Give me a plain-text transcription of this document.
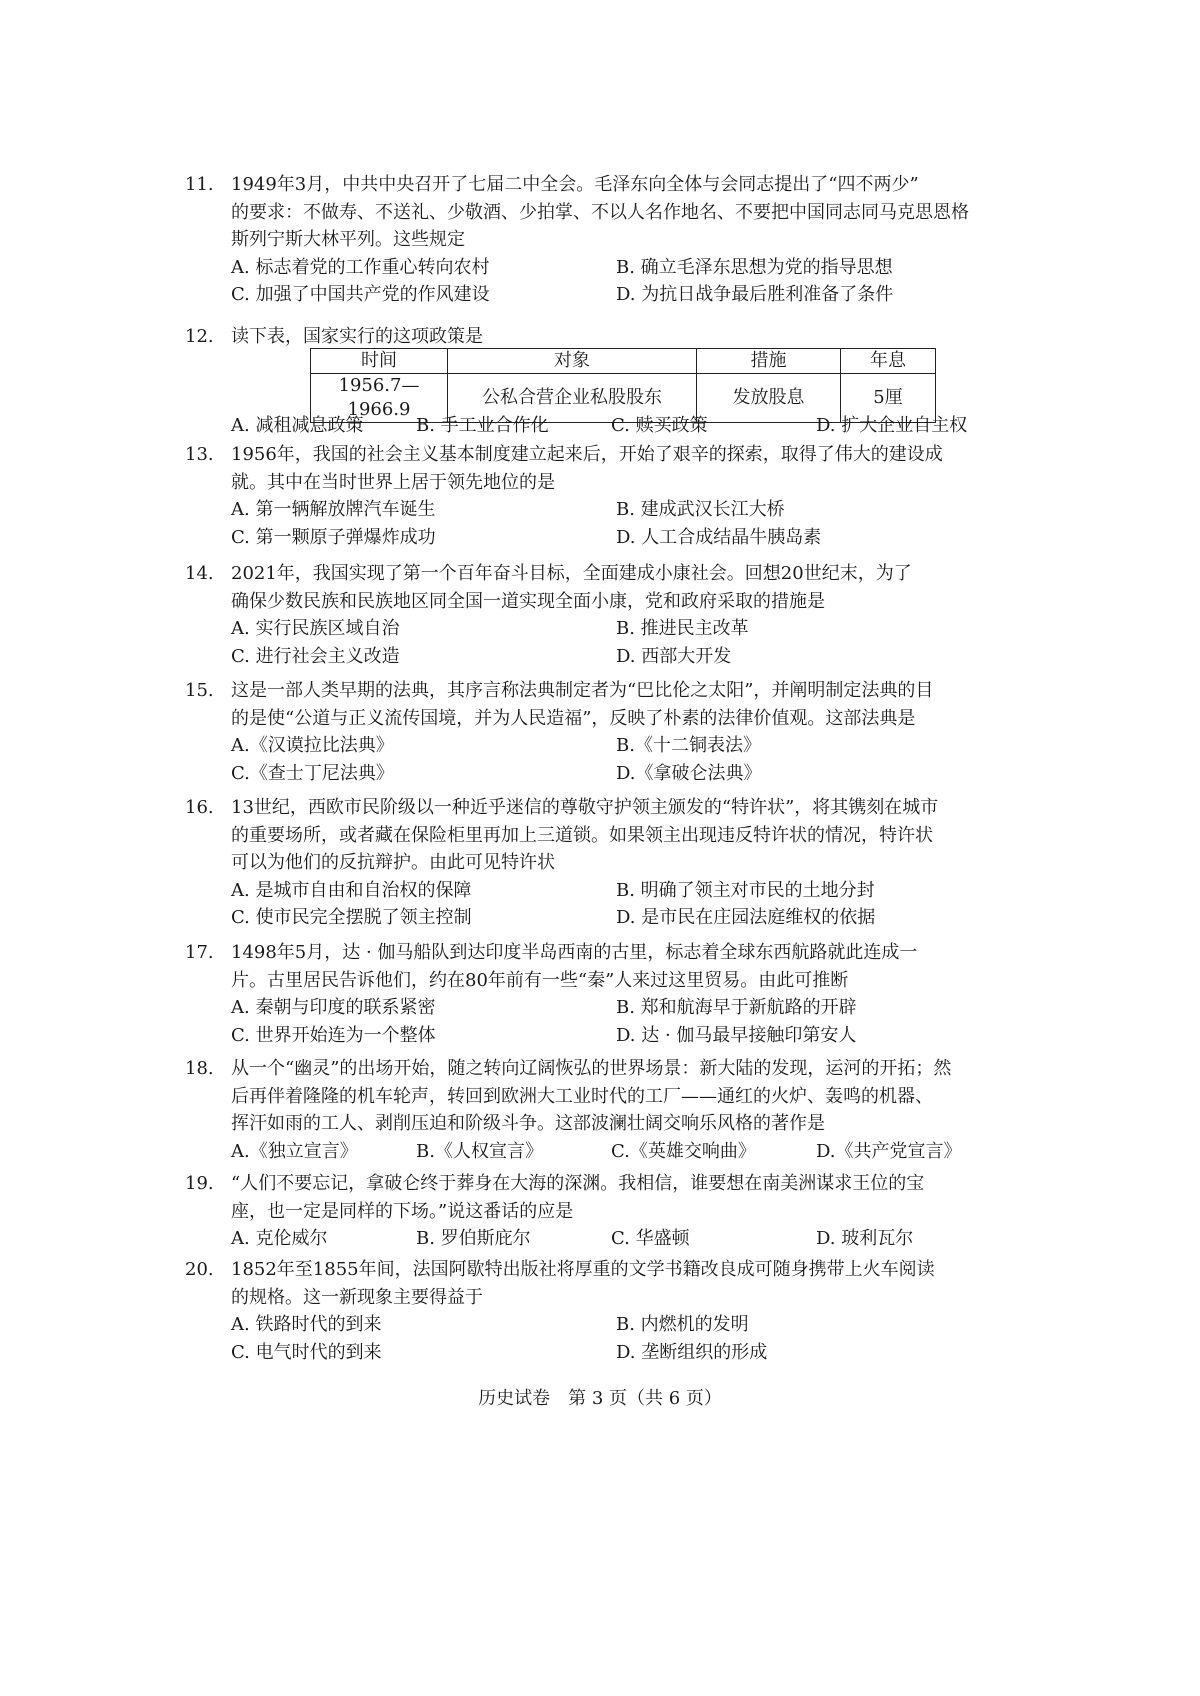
11. 1949年3月，中共中央召开了七届二中全会。毛泽东向全体与会同志提出了“四不两少”
的要求：不做寿、不送礼、少敬酒、少拍掌、不以人名作地名、不要把中国同志同马克思恩格
斯列宁斯大林平列。这些规定
A. 标志着党的工作重心转向农村	B. 确立毛泽东思想为党的指导思想
C. 加强了中国共产党的作风建设	D. 为抗日战争最后胜利准备了条件
12. 读下表，国家实行的这项政策是
时间	对象	措施	年息
1956.7—1966.9	公私合营企业私股股东	发放股息	5厘
A. 减租减息政策	B. 手工业合作化	C. 赎买政策	D. 扩大企业自主权
13. 1956年，我国的社会主义基本制度建立起来后，开始了艰辛的探索，取得了伟大的建设成
就。其中在当时世界上居于领先地位的是
A. 第一辆解放牌汽车诞生	B. 建成武汉长江大桥
C. 第一颗原子弹爆炸成功	D. 人工合成结晶牛胰岛素
14. 2021年，我国实现了第一个百年奋斗目标，全面建成小康社会。回想20世纪末，为了
确保少数民族和民族地区同全国一道实现全面小康，党和政府采取的措施是
A. 实行民族区域自治	B. 推进民主改革
C. 进行社会主义改造	D. 西部大开发
15. 这是一部人类早期的法典，其序言称法典制定者为“巴比伦之太阳”，并阐明制定法典的目
的是使“公道与正义流传国境，并为人民造福”，反映了朴素的法律价值观。这部法典是
A.《汉谟拉比法典》	B.《十二铜表法》
C.《查士丁尼法典》	D.《拿破仑法典》
16. 13世纪，西欧市民阶级以一种近乎迷信的尊敬守护领主颁发的“特许状”，将其镌刻在城市
的重要场所，或者藏在保险柜里再加上三道锁。如果领主出现违反特许状的情况，特许状
可以为他们的反抗辩护。由此可见特许状
A. 是城市自由和自治权的保障	B. 明确了领主对市民的土地分封
C. 使市民完全摆脱了领主控制	D. 是市民在庄园法庭维权的依据
17. 1498年5月，达 · 伽马船队到达印度半岛西南的古里，标志着全球东西航路就此连成一
片。古里居民告诉他们，约在80年前有一些“秦”人来过这里贸易。由此可推断
A. 秦朝与印度的联系紧密	B. 郑和航海早于新航路的开辟
C. 世界开始连为一个整体	D. 达 · 伽马最早接触印第安人
18. 从一个“幽灵”的出场开始，随之转向辽阔恢弘的世界场景：新大陆的发现，运河的开拓；然
后再伴着隆隆的机车轮声，转回到欧洲大工业时代的工厂——通红的火炉、轰鸣的机器、
挥汗如雨的工人、剥削压迫和阶级斗争。这部波澜壮阔交响乐风格的著作是
A.《独立宣言》	B.《人权宣言》	C.《英雄交响曲》	D.《共产党宣言》
19. “人们不要忘记，拿破仑终于葬身在大海的深渊。我相信，谁要想在南美洲谋求王位的宝
座，也一定是同样的下场。”说这番话的应是
A. 克伦威尔	B. 罗伯斯庇尔	C. 华盛顿	D. 玻利瓦尔
20. 1852年至1855年间，法国阿歇特出版社将厚重的文学书籍改良成可随身携带上火车阅读
的规格。这一新现象主要得益于
A. 铁路时代的到来	B. 内燃机的发明
C. 电气时代的到来	D. 垄断组织的形成
历史试卷　第 3 页（共 6 页）
